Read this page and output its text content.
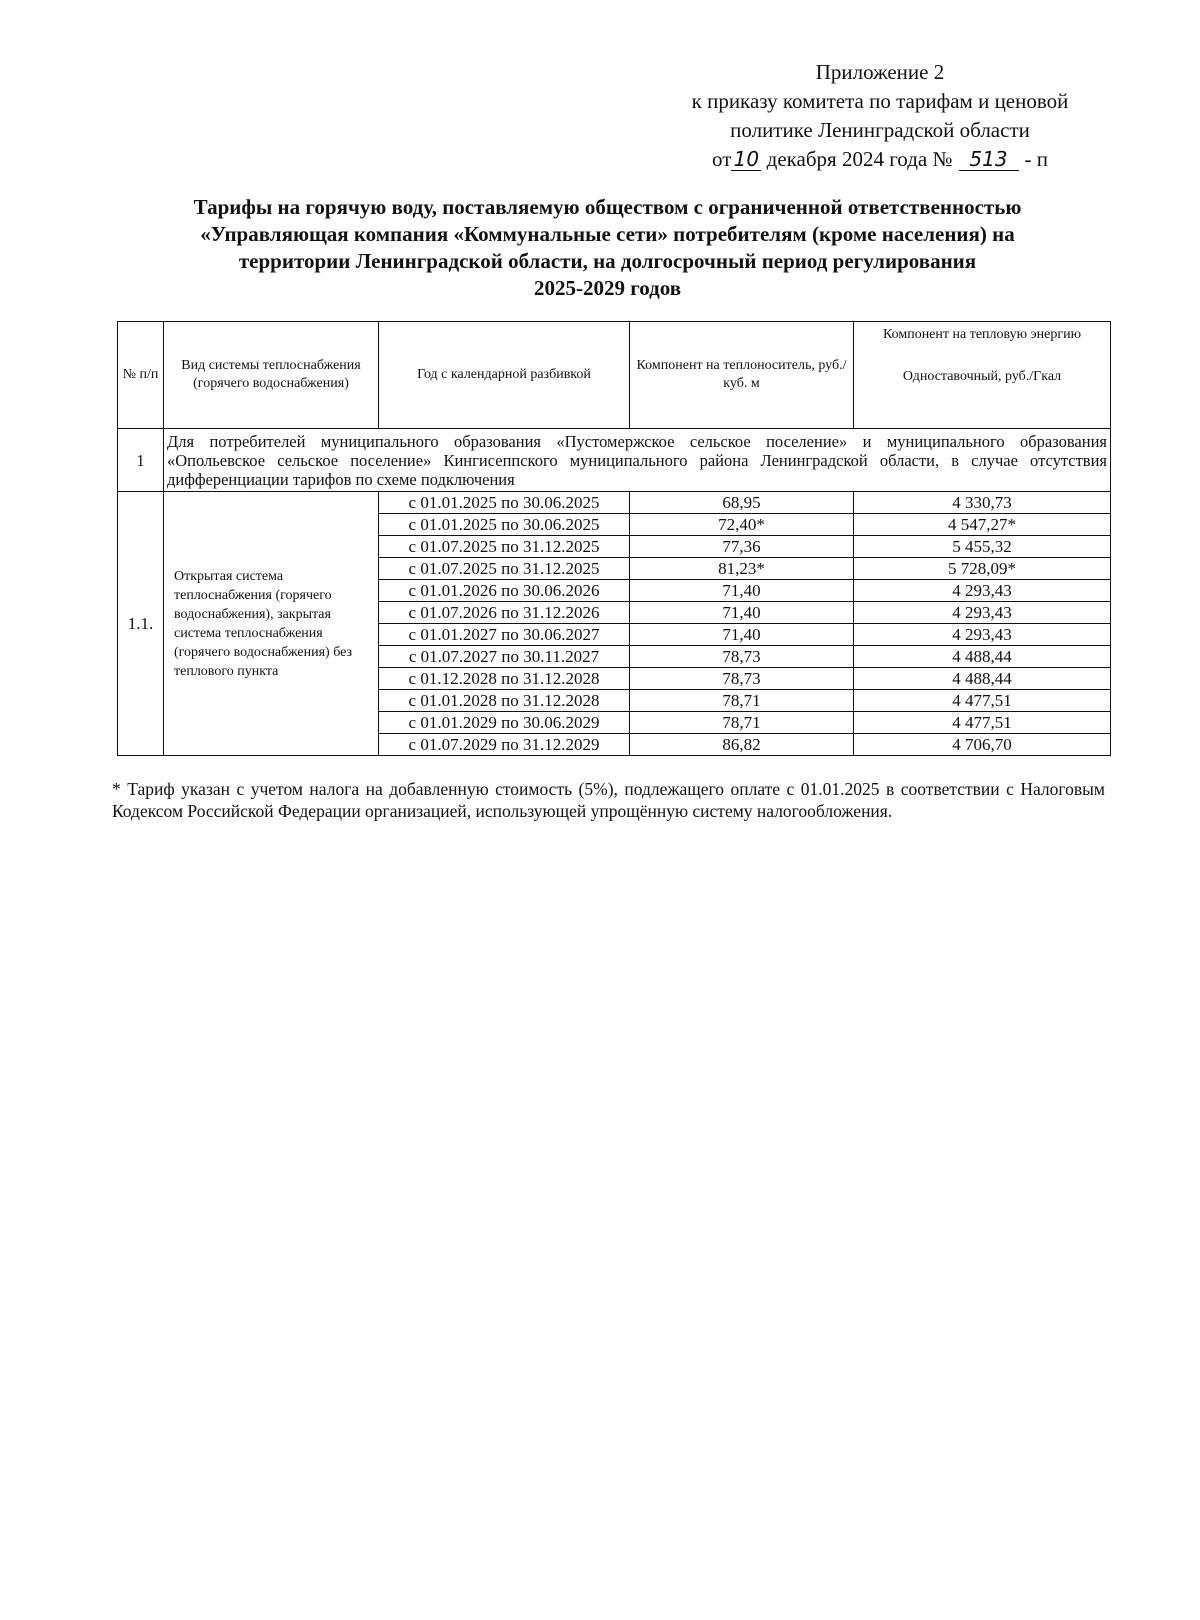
Приложение 2
к приказу комитета по тарифам и ценовой
политике Ленинградской области
от 10 декабря 2024 года № 513 - п
Тарифы на горячую воду, поставляемую обществом с ограниченной ответственностью
«Управляющая компания «Коммунальные сети» потребителям (кроме населения) на
территории Ленинградской области, на долгосрочный период регулирования
2025-2029 годов
№ п/п	Вид системы теплоснабжения (горячего водоснабжения)	Год с календарной разбивкой	Компонент на теплоноситель, руб./куб. м	Компонент на тепловую энергию
Одноставочный, руб./Гкал

1	Для потребителей муниципального образования «Пустомержское сельское поселение» и муниципального образования «Опольевское сельское поселение» Кингисеппского муниципального района Ленинградской области, в случае отсутствия дифференциации тарифов по схеме подключения			
1.1.	Открытая система теплоснабжения (горячего водоснабжения), закрытая система теплоснабжения (горячего водоснабжения) без теплового пункта	с 01.01.2025 по 30.06.2025	68,95	4 330,73
		с 01.01.2025 по 30.06.2025	72,40*	4 547,27*
		с 01.07.2025 по 31.12.2025	77,36	5 455,32
		с 01.07.2025 по 31.12.2025	81,23*	5 728,09*
		с 01.01.2026 по 30.06.2026	71,40	4 293,43
		с 01.07.2026 по 31.12.2026	71,40	4 293,43
		с 01.01.2027 по 30.06.2027	71,40	4 293,43
		с 01.07.2027 по 30.11.2027	78,73	4 488,44
		с 01.12.2028 по 31.12.2028	78,73	4 488,44
		с 01.01.2028 по 31.12.2028	78,71	4 477,51
		с 01.01.2029 по 30.06.2029	78,71	4 477,51
		с 01.07.2029 по 31.12.2029	86,82	4 706,70
* Тариф указан с учетом налога на добавленную стоимость (5%), подлежащего оплате с 01.01.2025 в соответствии с Налоговым Кодексом Российской Федерации организацией, использующей упрощённую систему налогообложения.
